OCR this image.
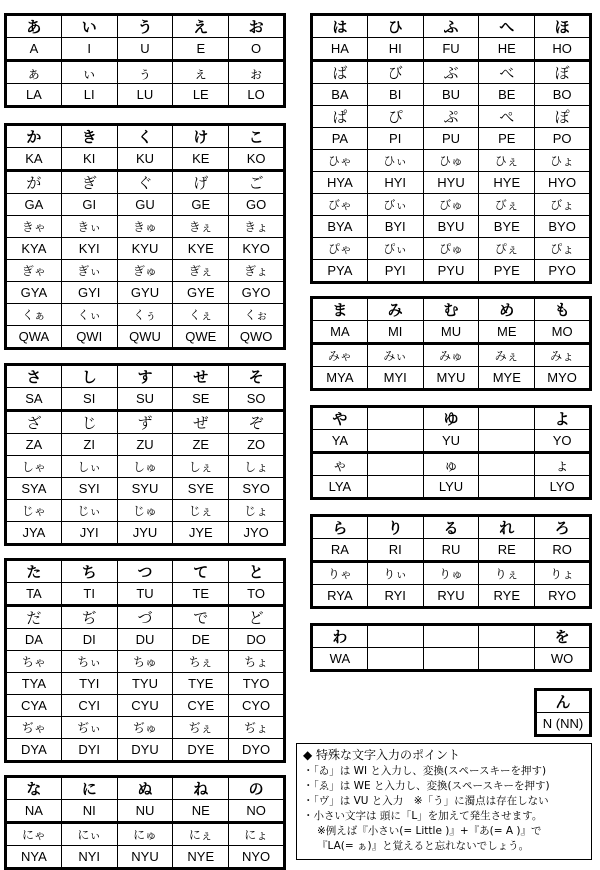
あ	い	う	え	お
A	I	U	E	O
ぁ	ぃ	ぅ	ぇ	ぉ
LA	LI	LU	LE	LO
か	き	く	け	こ
KA	KI	KU	KE	KO
が	ぎ	ぐ	げ	ご
GA	GI	GU	GE	GO
きゃ	きぃ	きゅ	きぇ	きょ
KYA	KYI	KYU	KYE	KYO
ぎゃ	ぎぃ	ぎゅ	ぎぇ	ぎょ
GYA	GYI	GYU	GYE	GYO
くぁ	くぃ	くぅ	くぇ	くぉ
QWA	QWI	QWU	QWE	QWO
さ	し	す	せ	そ
SA	SI	SU	SE	SO
ざ	じ	ず	ぜ	ぞ
ZA	ZI	ZU	ZE	ZO
しゃ	しぃ	しゅ	しぇ	しょ
SYA	SYI	SYU	SYE	SYO
じゃ	じぃ	じゅ	じぇ	じょ
JYA	JYI	JYU	JYE	JYO
た	ち	つ	て	と
TA	TI	TU	TE	TO
だ	ぢ	づ	で	ど
DA	DI	DU	DE	DO
ちゃ	ちぃ	ちゅ	ちぇ	ちょ
TYA	TYI	TYU	TYE	TYO
CYA	CYI	CYU	CYE	CYO
ぢゃ	ぢぃ	ぢゅ	ぢぇ	ぢょ
DYA	DYI	DYU	DYE	DYO
な	に	ぬ	ね	の
NA	NI	NU	NE	NO
にゃ	にぃ	にゅ	にぇ	にょ
NYA	NYI	NYU	NYE	NYO
は	ひ	ふ	へ	ほ
HA	HI	FU	HE	HO
ば	び	ぶ	べ	ぼ
BA	BI	BU	BE	BO
ぱ	ぴ	ぷ	ぺ	ぽ
PA	PI	PU	PE	PO
ひゃ	ひぃ	ひゅ	ひぇ	ひょ
HYA	HYI	HYU	HYE	HYO
びゃ	びぃ	びゅ	びぇ	びょ
BYA	BYI	BYU	BYE	BYO
ぴゃ	ぴぃ	ぴゅ	ぴぇ	ぴょ
PYA	PYI	PYU	PYE	PYO
ま	み	む	め	も
MA	MI	MU	ME	MO
みゃ	みぃ	みゅ	みぇ	みょ
MYA	MYI	MYU	MYE	MYO
や		ゆ		よ
YA		YU		YO
ゃ		ゅ		ょ
LYA		LYU		LYO
ら	り	る	れ	ろ
RA	RI	RU	RE	RO
りゃ	りぃ	りゅ	りぇ	りょ
RYA	RYI	RYU	RYE	RYO
わ				を
WA				WO
ん
N (NN)
◆ 特殊な文字入力のポイント
・「ゐ」は WI と入力し、変換(スペースキーを押す)
・「ゑ」は WE と入力し、変換(スペースキーを押す)
・「ヴ」は VU と入力　※「う」に濁点は存在しない
・小さい文字は 頭に「L」を加えて発生させます。
※例えば『小さい(= Little )』+『あ(= A )』で
『LA(= ぁ)』と覚えると忘れないでしょう。
